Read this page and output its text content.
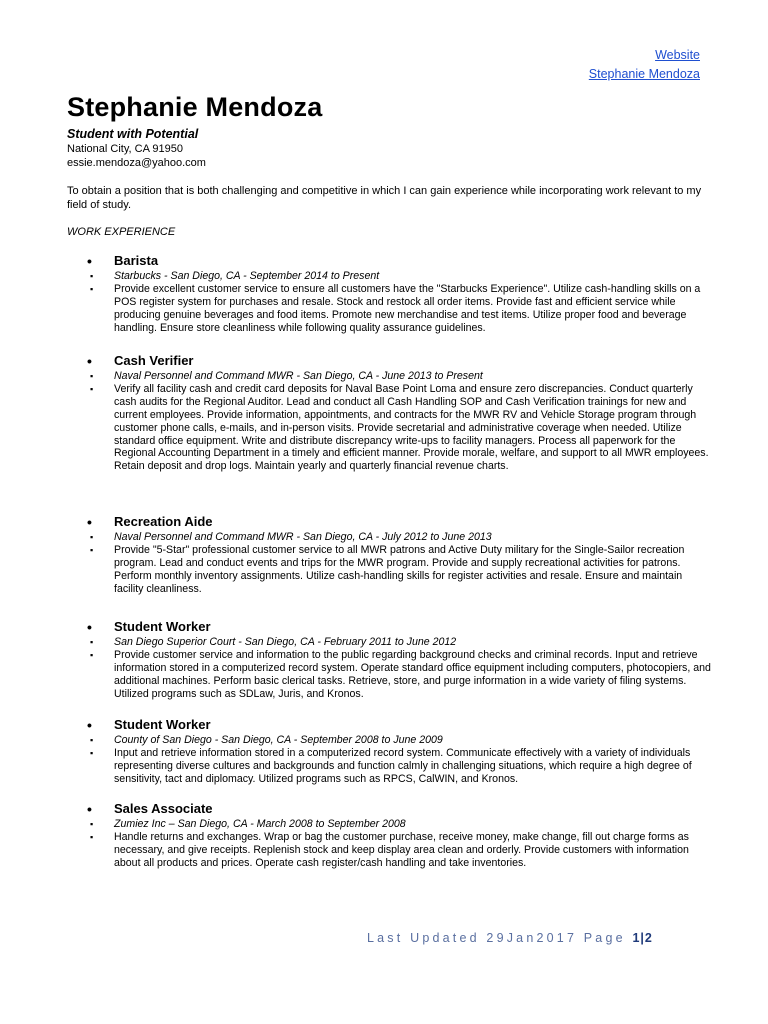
Website
Stephanie Mendoza
Stephanie Mendoza
Student with Potential
National City, CA 91950
essie.mendoza@yahoo.com
To obtain a position that is both challenging and competitive in which I can gain experience while incorporating work relevant to my field of study.
WORK EXPERIENCE
• Barista
▪ Starbucks - San Diego, CA - September 2014 to Present
▪ Provide excellent customer service to ensure all customers have the "Starbucks Experience". Utilize cash-handling skills on a POS register system for purchases and resale. Stock and restock all order items. Provide fast and efficient service while producing genuine beverages and food items. Promote new merchandise and test items. Utilize proper food and beverage handling. Ensure store cleanliness while following quality assurance guidelines.
• Cash Verifier
▪ Naval Personnel and Command MWR - San Diego, CA - June 2013 to Present
▪ Verify all facility cash and credit card deposits for Naval Base Point Loma and ensure zero discrepancies. Conduct quarterly cash audits for the Regional Auditor. Lead and conduct all Cash Handling SOP and Cash Verification trainings for new and current employees. Provide information, appointments, and contracts for the MWR RV and Vehicle Storage program through customer phone calls, e-mails, and in-person visits. Provide secretarial and administrative coverage when needed. Utilize standard office equipment. Write and distribute discrepancy write-ups to facility managers. Process all paperwork for the Regional Accounting Department in a timely and efficient manner. Provide morale, welfare, and support to all MWR employees. Retain deposit and drop logs. Maintain yearly and quarterly financial revenue charts.
• Recreation Aide
▪ Naval Personnel and Command MWR - San Diego, CA - July 2012 to June 2013
▪ Provide "5-Star" professional customer service to all MWR patrons and Active Duty military for the Single-Sailor recreation program. Lead and conduct events and trips for the MWR program. Provide and supply recreational activities for patrons. Perform monthly inventory assignments. Utilize cash-handling skills for register activities and resale. Ensure and maintain facility cleanliness.
• Student Worker
▪ San Diego Superior Court - San Diego, CA - February 2011 to June 2012
▪ Provide customer service and information to the public regarding background checks and criminal records. Input and retrieve information stored in a computerized record system. Operate standard office equipment including computers, photocopiers, and additional machines. Perform basic clerical tasks. Retrieve, store, and purge information in a wide variety of filing systems. Utilized programs such as SDLaw, Juris, and Kronos.
• Student Worker
▪ County of San Diego - San Diego, CA - September 2008 to June 2009
▪ Input and retrieve information stored in a computerized record system. Communicate effectively with a variety of individuals representing diverse cultures and backgrounds and function calmly in challenging situations, which require a high degree of sensitivity, tact and diplomacy. Utilized programs such as RPCS, CalWIN, and Kronos.
• Sales Associate
▪ Zumiez Inc – San Diego, CA - March 2008 to September 2008
▪ Handle returns and exchanges. Wrap or bag the customer purchase, receive money, make change, fill out charge forms as necessary, and give receipts. Replenish stock and keep display area clean and orderly. Provide customers with information about all products and prices. Operate cash register/cash handling and take inventories.
Last Updated 29Jan2017 Page 1|2
